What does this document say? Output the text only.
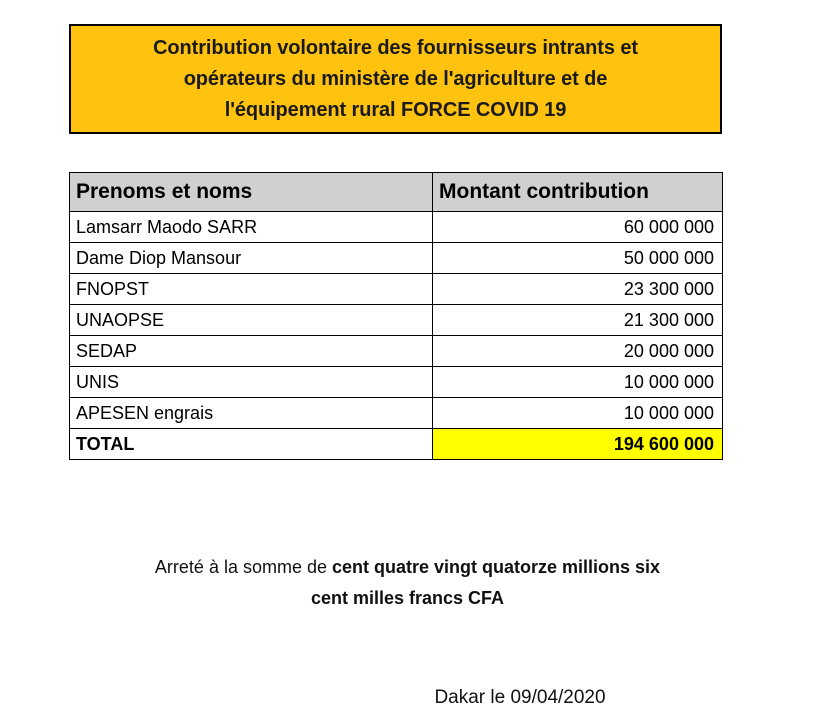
Contribution volontaire des fournisseurs intrants et
opérateurs du ministère de l'agriculture et de
l'équipement rural FORCE COVID 19
Prenoms et noms	Montant contribution
Lamsarr Maodo SARR	60 000 000
Dame Diop Mansour	50 000 000
FNOPST	23 300 000
UNAOPSE	21 300 000
SEDAP	20 000 000
UNIS	10 000 000
APESEN engrais	10 000 000
TOTAL	194 600 000
Arreté à la somme de cent quatre vingt quatorze millions six
cent milles francs CFA
Dakar le 09/04/2020
